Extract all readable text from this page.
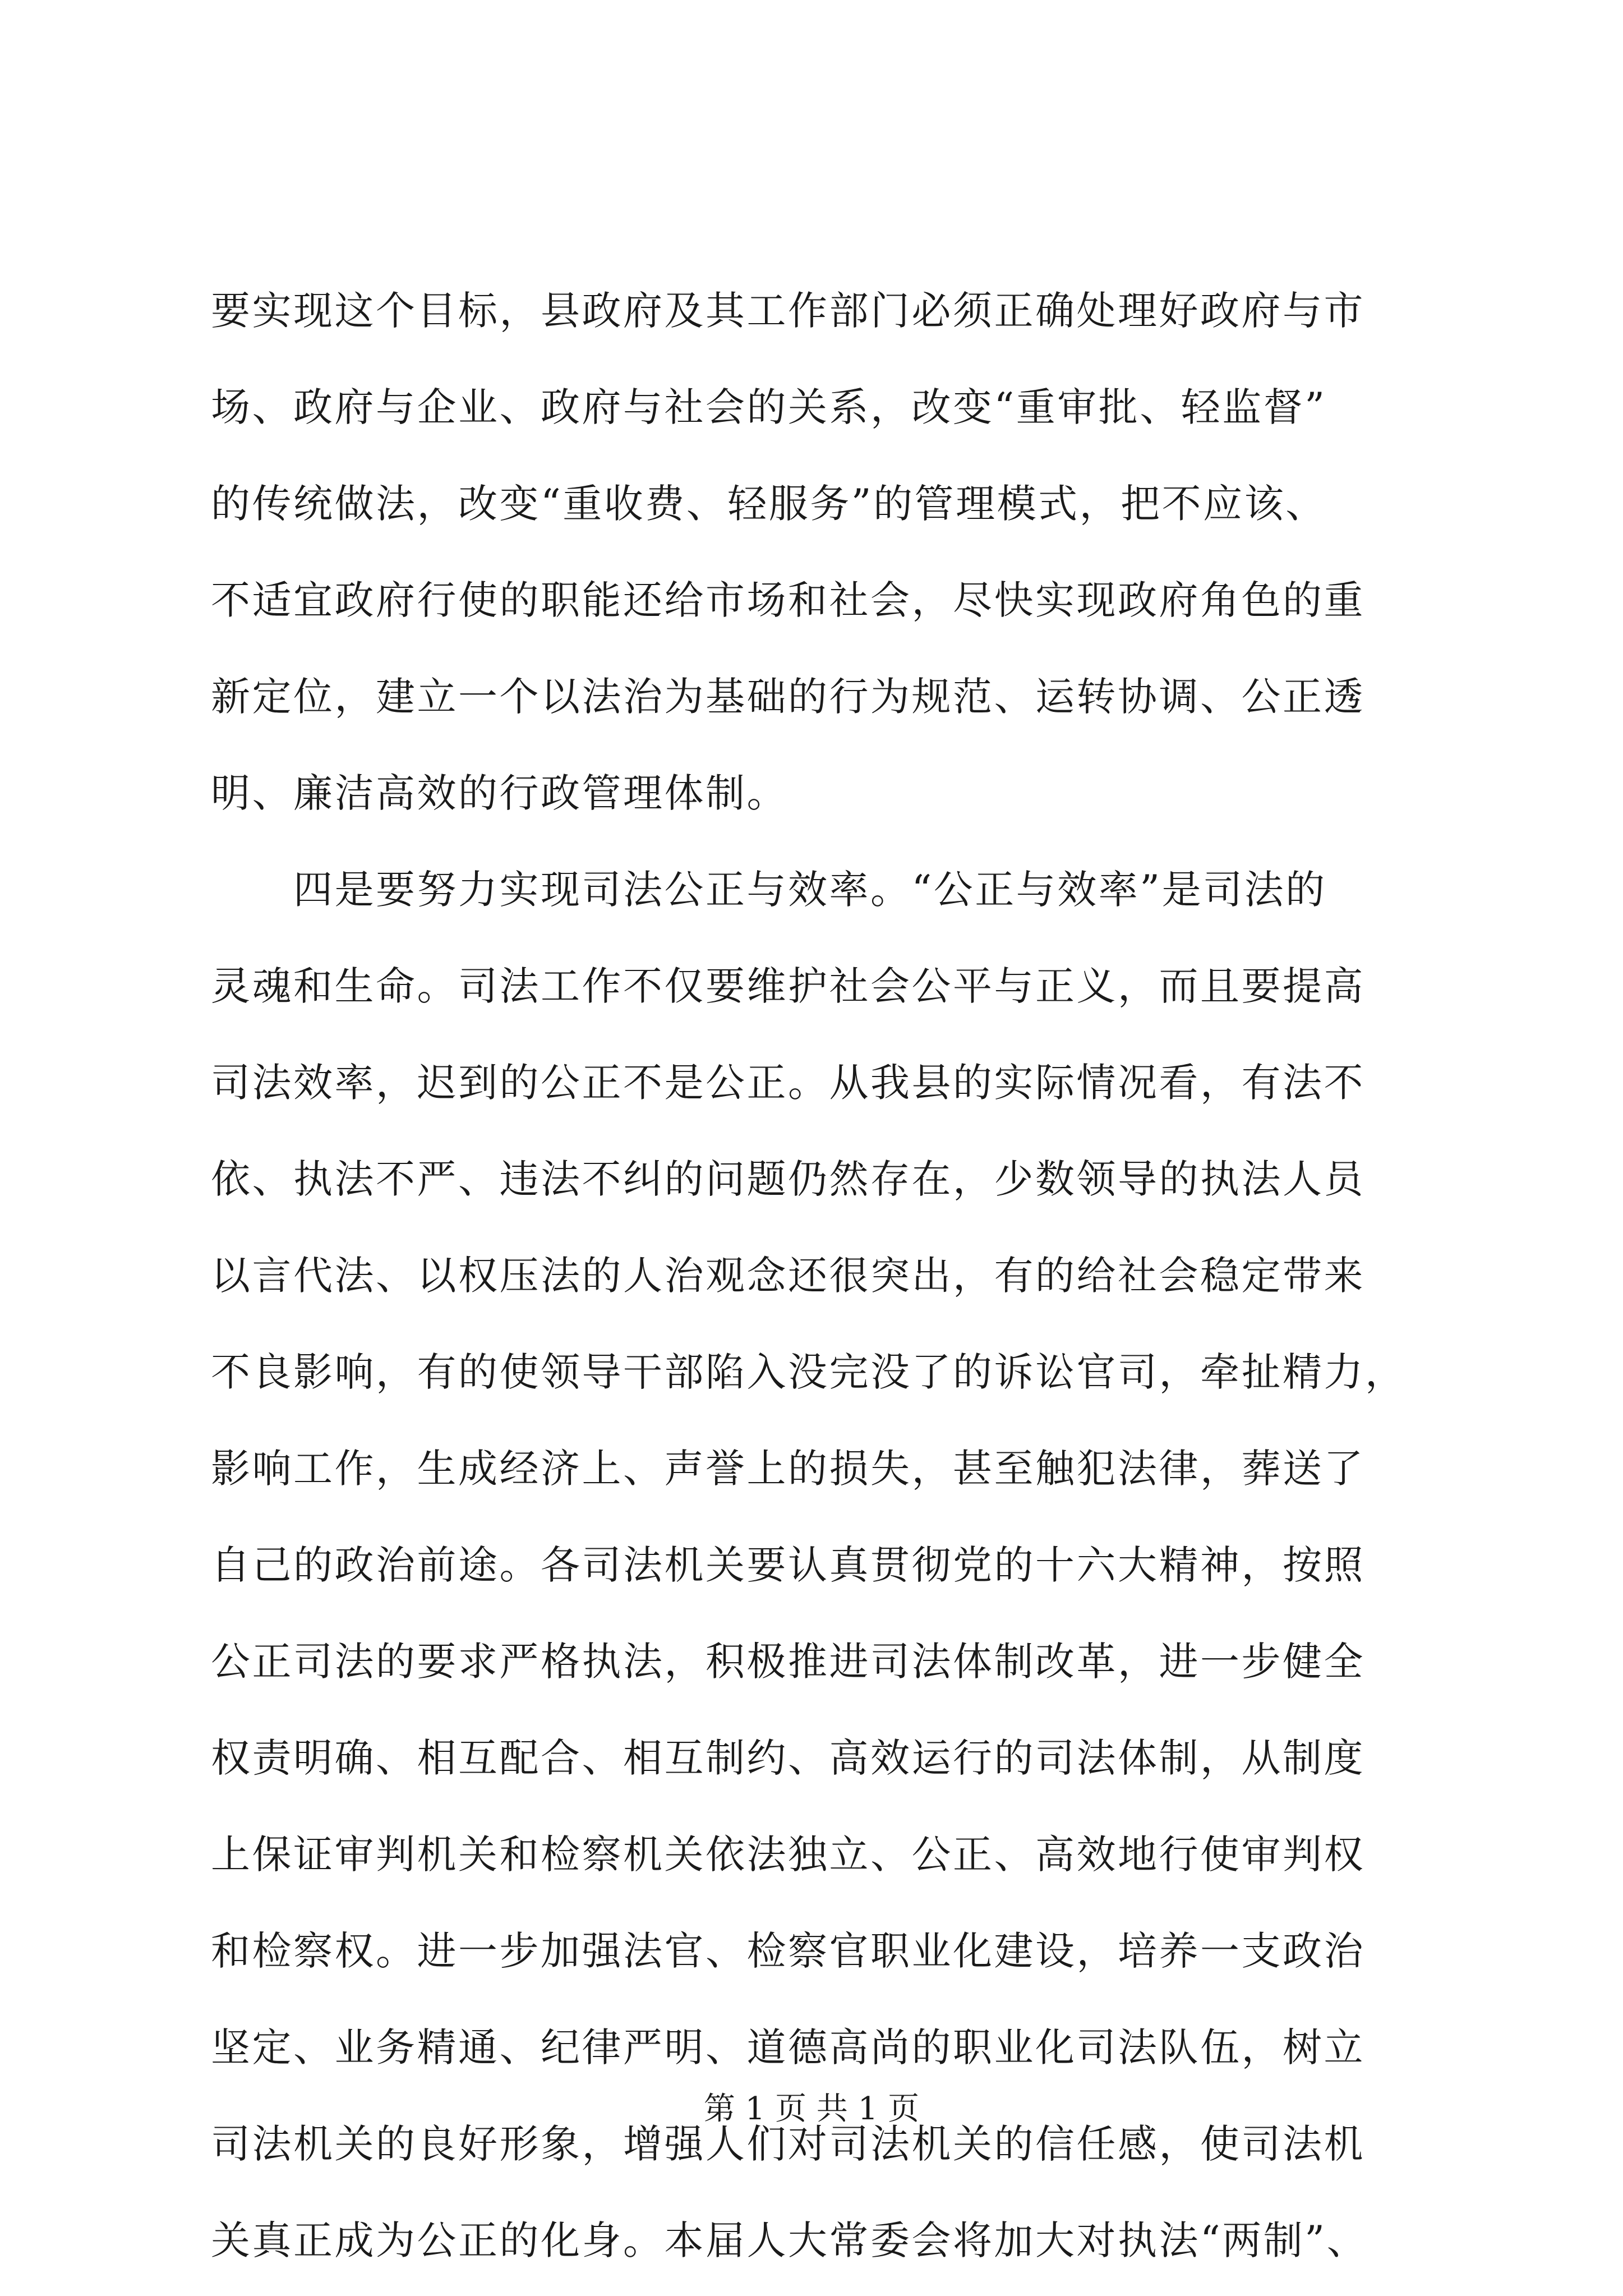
要实现这个目标，县政府及其工作部门必须正确处理好政府与市
场、政府与企业、政府与社会的关系，改变“重审批、轻监督”
的传统做法，改变“重收费、轻服务”的管理模式，把不应该、
不适宜政府行使的职能还给市场和社会，尽快实现政府角色的重
新定位，建立一个以法治为基础的行为规范、运转协调、公正透
明、廉洁高效的行政管理体制。
　　四是要努力实现司法公正与效率。“公正与效率”是司法的
灵魂和生命。司法工作不仅要维护社会公平与正义，而且要提高
司法效率，迟到的公正不是公正。从我县的实际情况看，有法不
依、执法不严、违法不纠的问题仍然存在，少数领导的执法人员
以言代法、以权压法的人治观念还很突出，有的给社会稳定带来
不良影响，有的使领导干部陷入没完没了的诉讼官司，牵扯精力，
影响工作，生成经济上、声誉上的损失，甚至触犯法律，葬送了
自己的政治前途。各司法机关要认真贯彻党的十六大精神，按照
公正司法的要求严格执法，积极推进司法体制改革，进一步健全
权责明确、相互配合、相互制约、高效运行的司法体制，从制度
上保证审判机关和检察机关依法独立、公正、高效地行使审判权
和检察权。进一步加强法官、检察官职业化建设，培养一支政治
坚定、业务精通、纪律严明、道德高尚的职业化司法队伍，树立
司法机关的良好形象，增强人们对司法机关的信任感，使司法机
关真正成为公正的化身。本届人大常委会将加大对执法“两制”、
第 1 页 共 1 页
